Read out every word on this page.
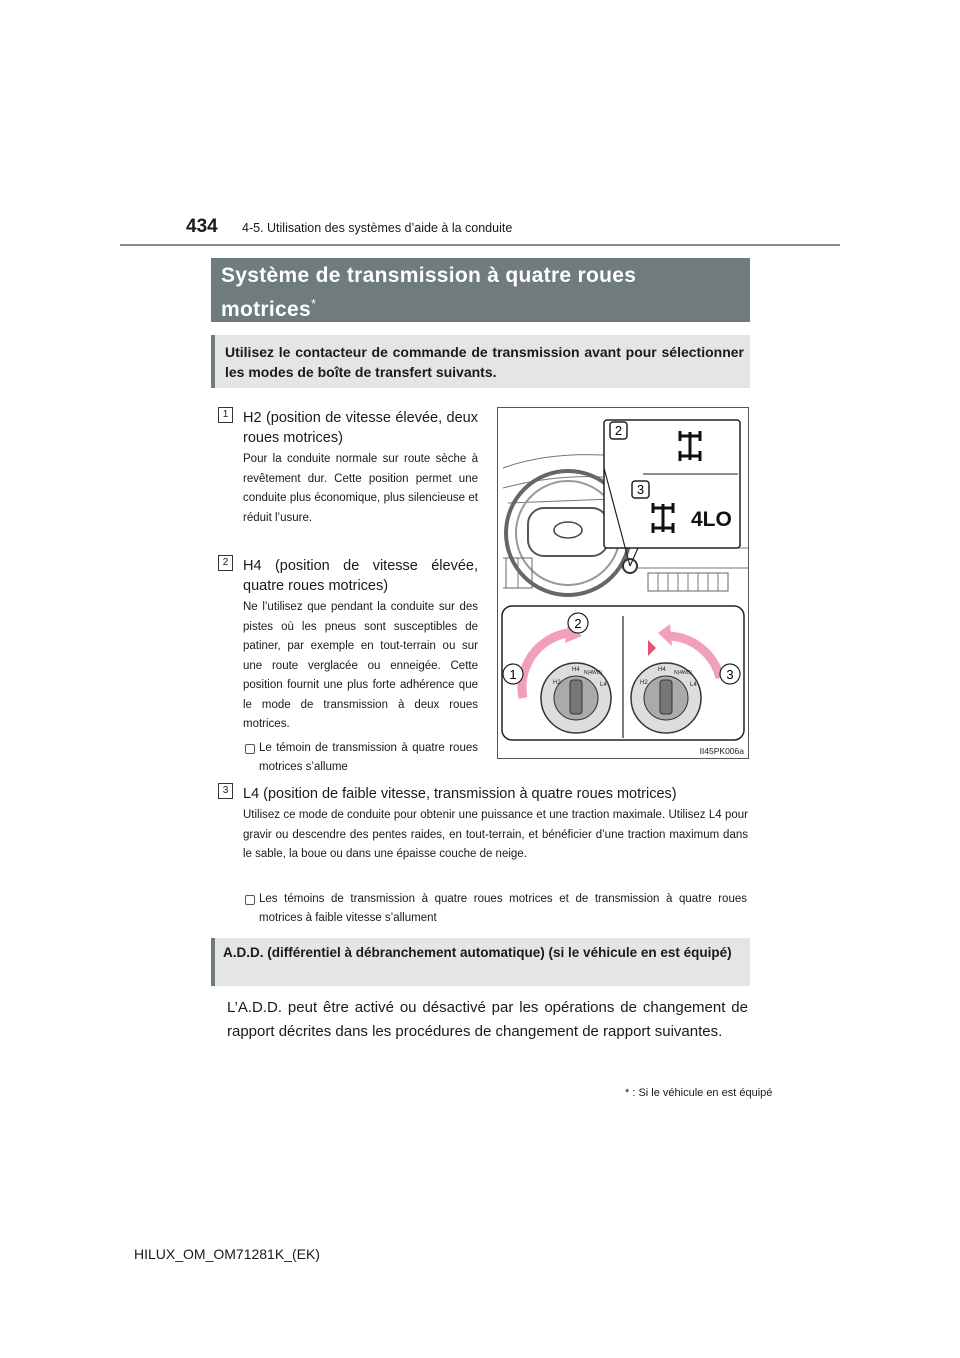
434 4-5. Utilisation des systèmes d’aide à la conduite
Système de transmission à quatre roues motrices*
Utilisez le contacteur de commande de transmission avant pour sélectionner les modes de boîte de transfert suivants.
1	H2 (position de vitesse élevée, deux roues motrices)
Pour la conduite normale sur route sèche à revêtement dur. Cette position permet une conduite plus économique, plus silencieuse et réduit l’usure.
2	H4 (position de vitesse élevée, quatre roues motrices)
Ne l’utilisez que pendant la conduite sur des pistes où les pneus sont susceptibles de patiner, par exemple en tout-terrain ou sur une route verglacée ou enneigée. Cette position fournit une plus forte adhérence que le mode de transmission à deux roues motrices.
Le témoin de transmission à quatre roues motrices s’allume
3	L4 (position de faible vitesse, transmission à quatre roues motrices)
Utilisez ce mode de conduite pour obtenir une puissance et une traction maximale. Utilisez L4 pour gravir ou descendre des pentes raides, en tout-terrain, et bénéficier d’une traction maximum dans le sable, la boue ou dans une épaisse couche de neige.
Les témoins de transmission à quatre roues motrices et de transmission à quatre roues motrices à faible vitesse s’allument
A.D.D. (différentiel à débranchement automatique) (si le véhicule en est équipé)
L’A.D.D. peut être activé ou désactivé par les opérations de changement de rapport décrites dans les procédures de changement de rapport suivantes.
2
3
4LO
H2
H4 N(4WD)
L4
1
2
H2
H4 N(4WD)
L4
3
II45PK006a
* : Si le véhicule en est équipé
HILUX_OM_OM71281K_(EK)
